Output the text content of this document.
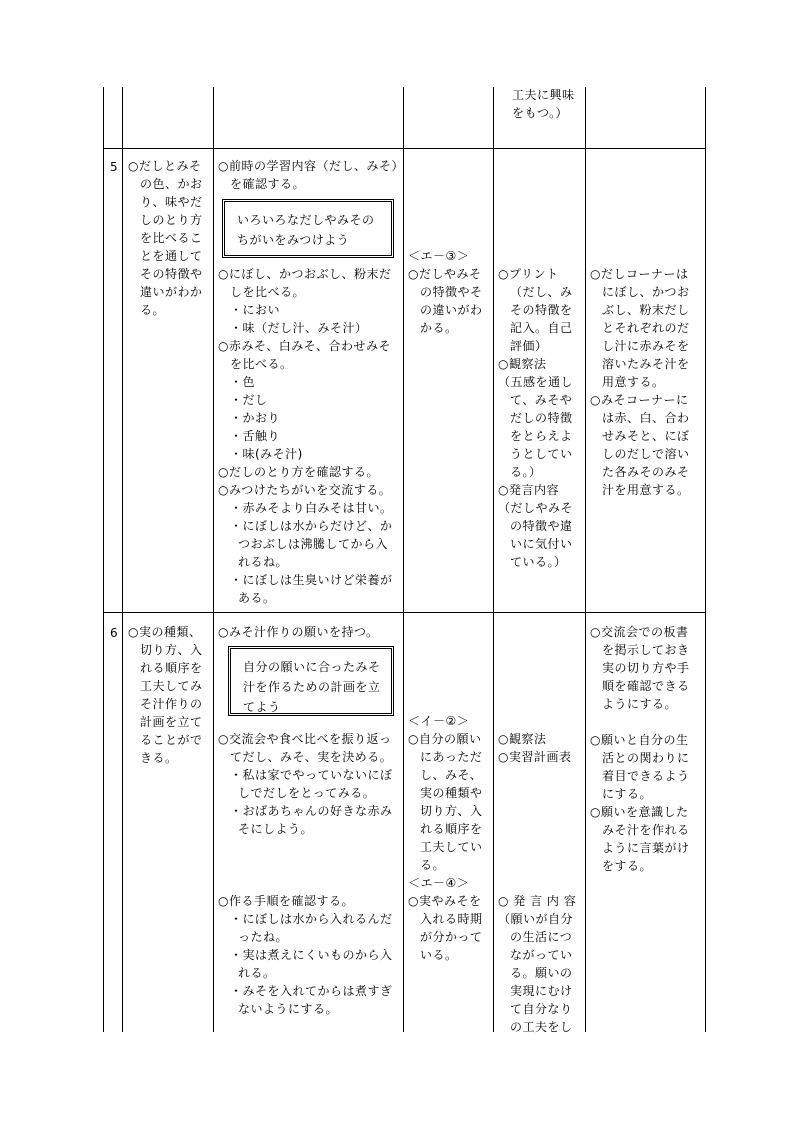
工夫に興味

をもつ。）

5 ○だしとみそ

の色、かお

り、味やだ

しのとり方

を比べるこ

とを通して

その特徴や

違いがわか

る。

○前時の学習内容（だし、みそ）

を確認する。

いろいろなだしやみその

ちがいをみつけよう

○にぼし、かつおぶし、粉末だ

しを比べる。

・におい

・味（だし汁、みそ汁）

○赤みそ、白みそ、合わせみそ

を比べる。

・色

・だし

・かおり

・舌触り

・味(みそ汁)

○だしのとり方を確認する。

○みつけたちがいを交流する。

・赤みそより白みそは甘い。

・にぼしは水からだけど、か

つおぶしは沸騰してから入

れるね。

・にぼしは生臭いけど栄養が

ある。

＜エ－③＞

○だしやみそ

の特徴やそ

の違いがわ

かる。

○プリント

（だし、み

その特徴を

記入。自己

評価）

○観察法

（五感を通し

て、みそや

だしの特徴

をとらえよ

うとしてい

る。）

○発言内容

（だしやみそ

の特徴や違

いに気付い

ている。）

○だしコーナーは

にぼし、かつお

ぶし、粉末だし

とそれぞれのだ

し汁に赤みそを

溶いたみそ汁を

用意する。

○みそコーナーに

は赤、白、合わ

せみそと、にぼ

しのだしで溶い

た各みそのみそ

汁を用意する。

6 ○実の種類、

切り方、入

れる順序を

工夫してみ

そ汁作りの

計画を立て

ることがで

きる。

○みそ汁作りの願いを持つ。

自分の願いに合ったみそ

汁を作るための計画を立

てよう

○交流会や食べ比べを振り返っ

てだし、みそ、実を決める。

・私は家でやっていないにぼ

しでだしをとってみる。

・おばあちゃんの好きな赤み

そにしよう。

○作る手順を確認する。

・にぼしは水から入れるんだ

ったね。

・実は煮えにくいものから入

れる。

・みそを入れてからは煮すぎ

ないようにする。

＜イ－②＞

○自分の願い

にあっただ

し、みそ、

実の種類や

切り方、入

れる順序を

工夫してい

る。

＜エ－④＞

○実やみそを

入れる時期

が分かって

いる。

○観察法

○実習計画表

○ 発 言 内 容

（願いが自分

の生活につ

ながってい

る。願いの

実現にむけ

て自分なり

の工夫をし

○交流会での板書

を掲示しておき

実の切り方や手

順を確認できる

ようにする。

○願いと自分の生

活との関わりに

着目できるよう

にする。

○願いを意識した

みそ汁を作れる

ように言葉がけ

をする。
